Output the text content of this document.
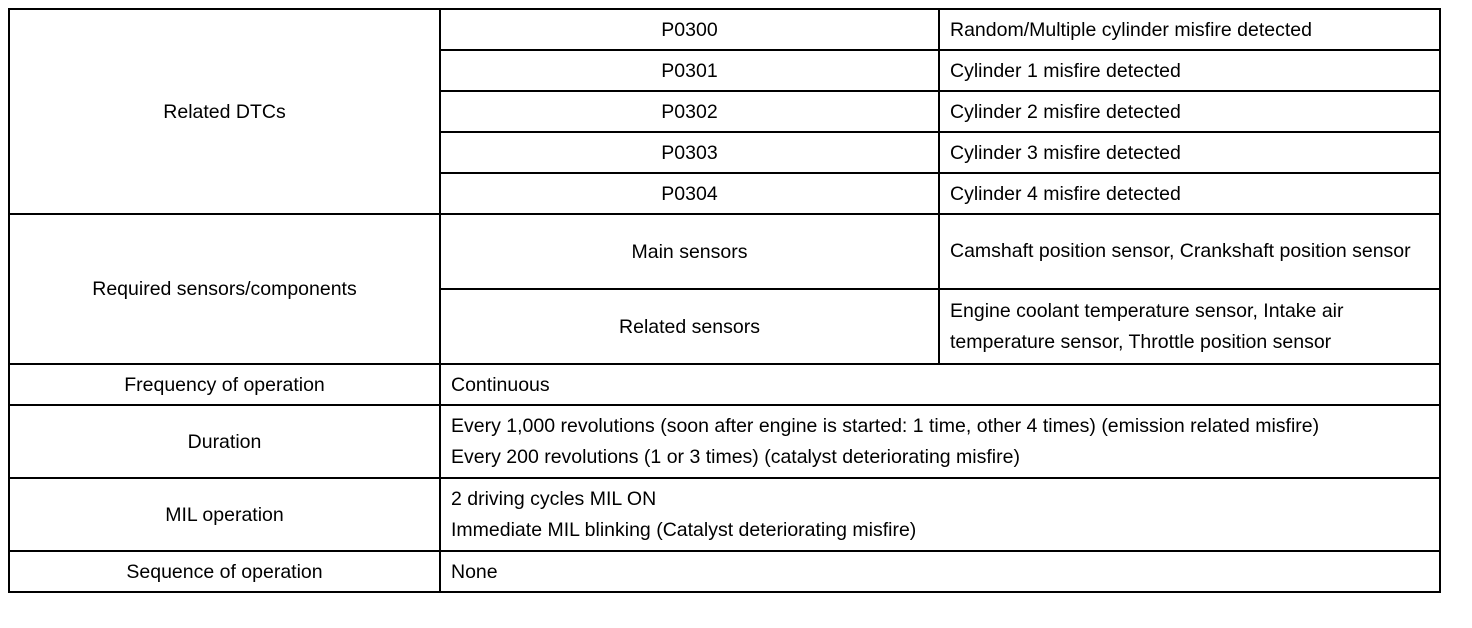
Related DTCs	P0300	Random/Multiple cylinder misfire detected
	P0301	Cylinder 1 misfire detected
	P0302	Cylinder 2 misfire detected
	P0303	Cylinder 3 misfire detected
	P0304	Cylinder 4 misfire detected
Required sensors/components	Main sensors	Camshaft position sensor, Crankshaft position sensor
	Related sensors	Engine coolant temperature sensor, Intake air temperature sensor, Throttle position sensor
Frequency of operation	Continuous	
Duration	Every 1,000 revolutions (soon after engine is started: 1 time, other 4 times) (emission related misfire)
Every 200 revolutions (1 or 3 times) (catalyst deteriorating misfire)	

MIL operation	2 driving cycles MIL ON
Immediate MIL blinking (Catalyst deteriorating misfire)	

Sequence of operation	None	
